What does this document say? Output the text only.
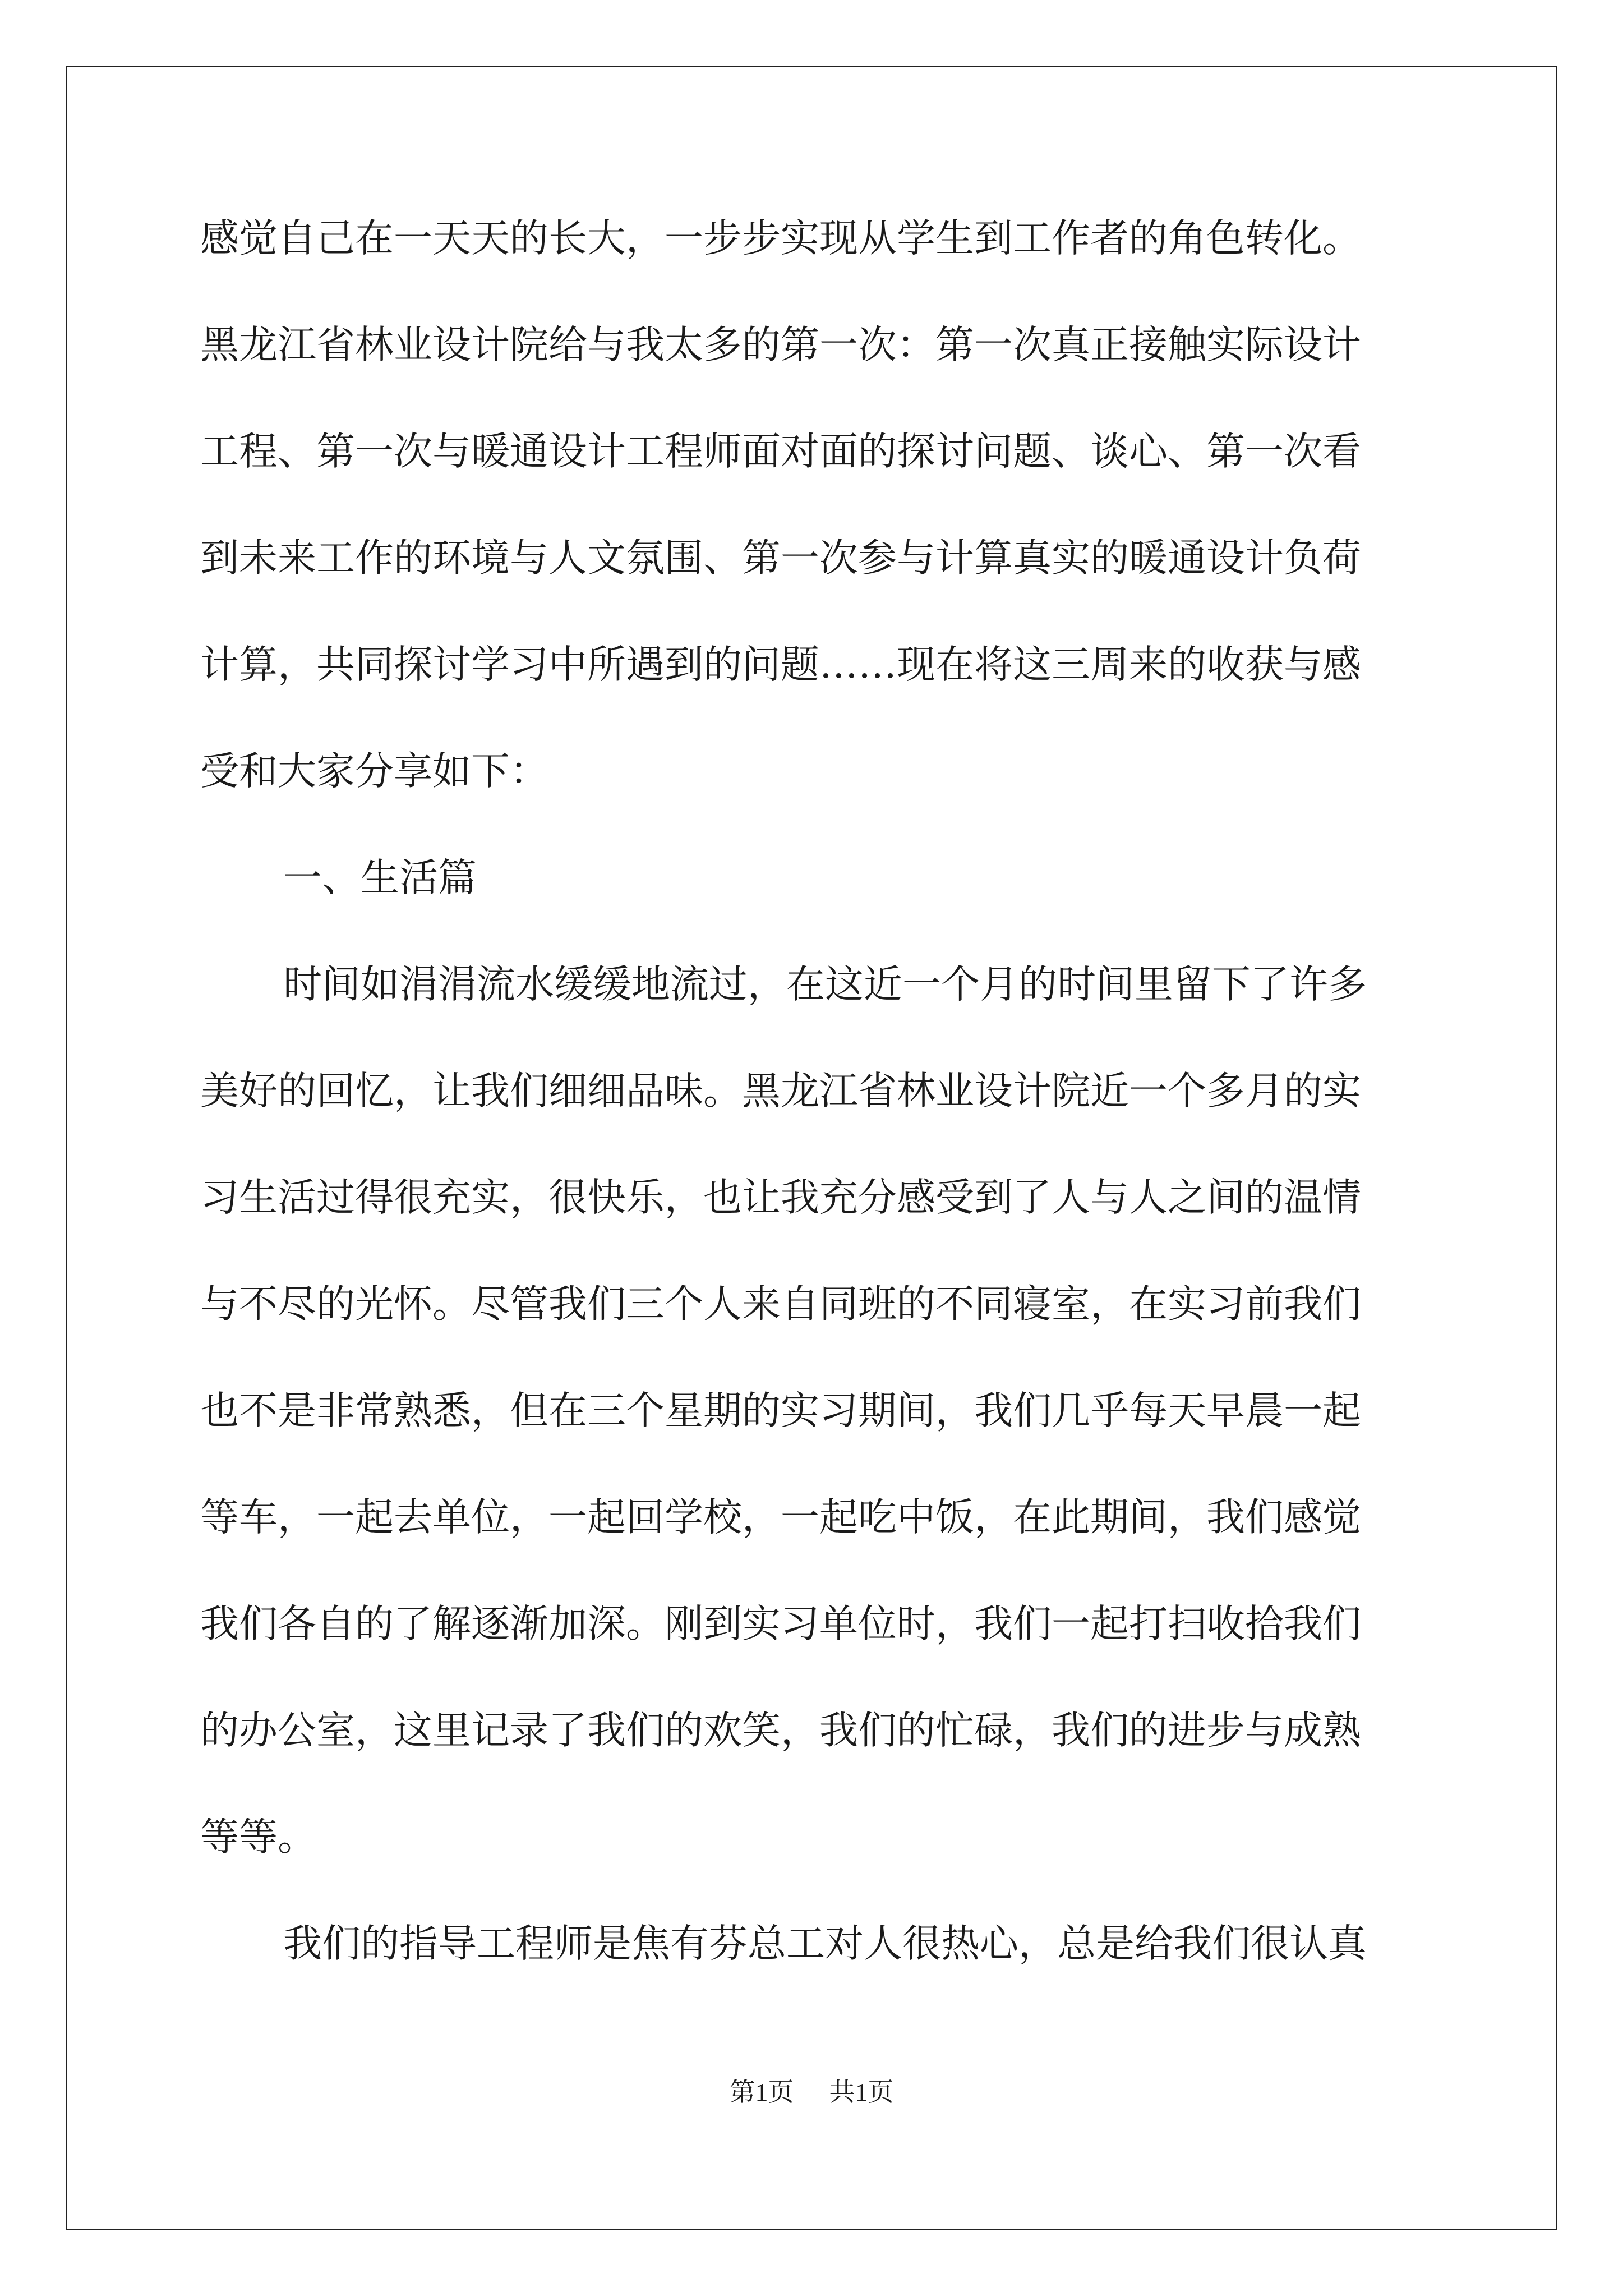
感觉自己在一天天的长大，一步步实现从学生到工作者的角色转化。
黑龙江省林业设计院给与我太多的第一次：第一次真正接触实际设计
工程、第一次与暖通设计工程师面对面的探讨问题、谈心、第一次看
到未来工作的环境与人文氛围、第一次参与计算真实的暖通设计负荷
计算，共同探讨学习中所遇到的问题……现在将这三周来的收获与感
受和大家分享如下：
一、生活篇
时间如涓涓流水缓缓地流过，在这近一个月的时间里留下了许多
美好的回忆，让我们细细品味。黑龙江省林业设计院近一个多月的实
习生活过得很充实，很快乐，也让我充分感受到了人与人之间的温情
与不尽的光怀。尽管我们三个人来自同班的不同寝室，在实习前我们
也不是非常熟悉，但在三个星期的实习期间，我们几乎每天早晨一起
等车，一起去单位，一起回学校，一起吃中饭，在此期间，我们感觉
我们各自的了解逐渐加深。刚到实习单位时，我们一起打扫收拾我们
的办公室，这里记录了我们的欢笑，我们的忙碌，我们的进步与成熟
等等。
我们的指导工程师是焦有芬总工对人很热心，总是给我们很认真
第1页 共1页
